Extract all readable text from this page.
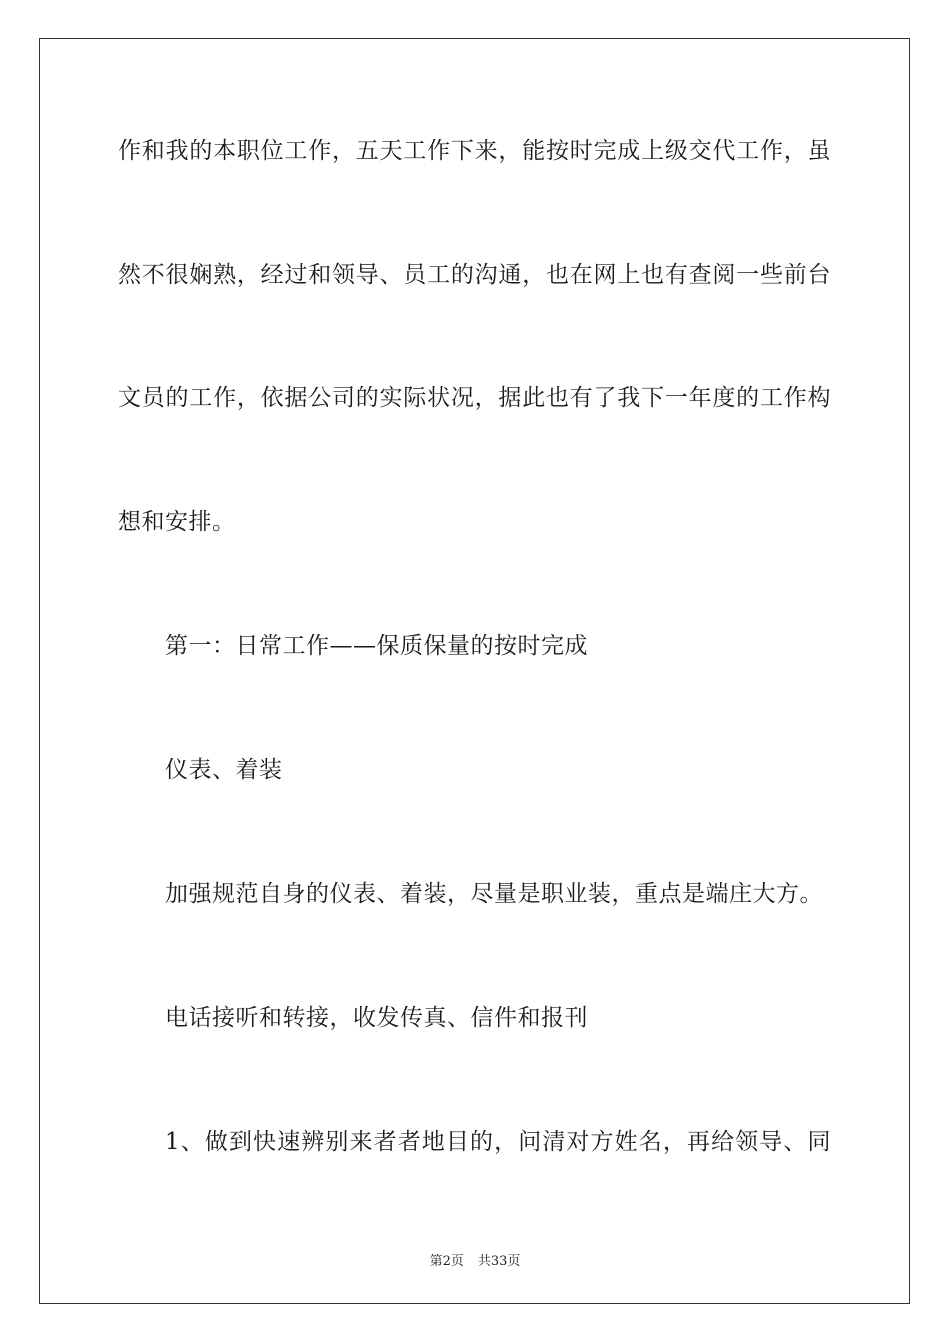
作和我的本职位工作，五天工作下来，能按时完成上级交代工作，虽
然不很娴熟，经过和领导、员工的沟通，也在网上也有查阅一些前台
文员的工作，依据公司的实际状况，据此也有了我下一年度的工作构
想和安排。
第一：日常工作——保质保量的按时完成
仪表、着装
加强规范自身的仪表、着装，尽量是职业装，重点是端庄大方。
电话接听和转接，收发传真、信件和报刊
1、做到快速辨别来者者地目的，问清对方姓名，再给领导、同
第2页 共33页
